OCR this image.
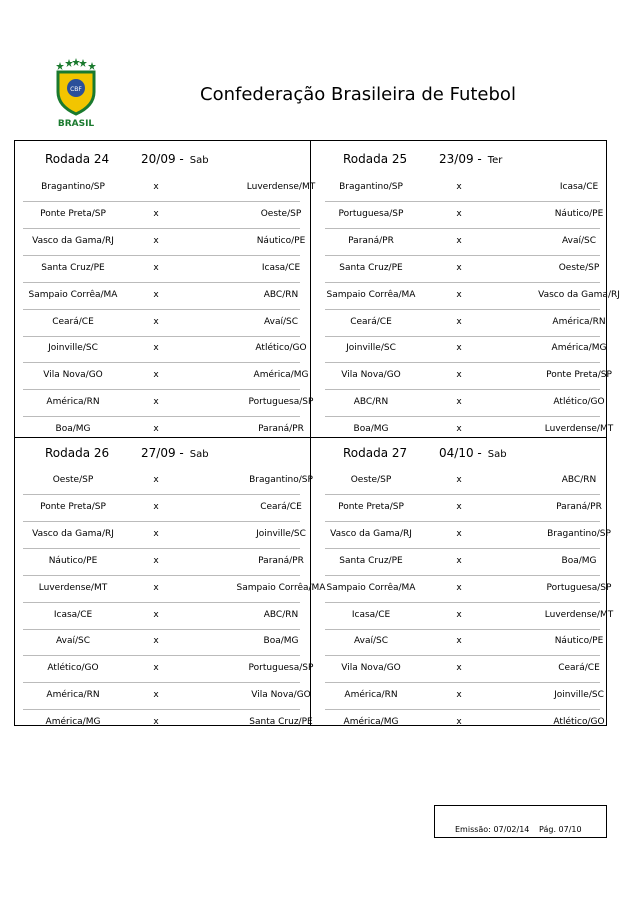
CBF
BRASIL
Confederação Brasileira de Futebol
Rodada 24	20/09 - Sab
Bragantino/SP	x	Luverdense/MT
Ponte Preta/SP	x	Oeste/SP
Vasco da Gama/RJ	x	Náutico/PE
Santa Cruz/PE	x	Icasa/CE
Sampaio Corrêa/MA	x	ABC/RN
Ceará/CE	x	Avaí/SC
Joinville/SC	x	Atlético/GO
Vila Nova/GO	x	América/MG
América/RN	x	Portuguesa/SP
Boa/MG	x	Paraná/PR
Rodada 25	23/09 - Ter
Bragantino/SP	x	Icasa/CE
Portuguesa/SP	x	Náutico/PE
Paraná/PR	x	Avaí/SC
Santa Cruz/PE	x	Oeste/SP
Sampaio Corrêa/MA	x	Vasco da Gama/RJ
Ceará/CE	x	América/RN
Joinville/SC	x	América/MG
Vila Nova/GO	x	Ponte Preta/SP
ABC/RN	x	Atlético/GO
Boa/MG	x	Luverdense/MT
Rodada 26	27/09 - Sab
Oeste/SP	x	Bragantino/SP
Ponte Preta/SP	x	Ceará/CE
Vasco da Gama/RJ	x	Joinville/SC
Náutico/PE	x	Paraná/PR
Luverdense/MT	x	Sampaio Corrêa/MA
Icasa/CE	x	ABC/RN
Avaí/SC	x	Boa/MG
Atlético/GO	x	Portuguesa/SP
América/RN	x	Vila Nova/GO
América/MG	x	Santa Cruz/PE
Rodada 27	04/10 - Sab
Oeste/SP	x	ABC/RN
Ponte Preta/SP	x	Paraná/PR
Vasco da Gama/RJ	x	Bragantino/SP
Santa Cruz/PE	x	Boa/MG
Sampaio Corrêa/MA	x	Portuguesa/SP
Icasa/CE	x	Luverdense/MT
Avaí/SC	x	Náutico/PE
Vila Nova/GO	x	Ceará/CE
América/RN	x	Joinville/SC
América/MG	x	Atlético/GO
Emissão: 07/02/14 Pág. 07/10
